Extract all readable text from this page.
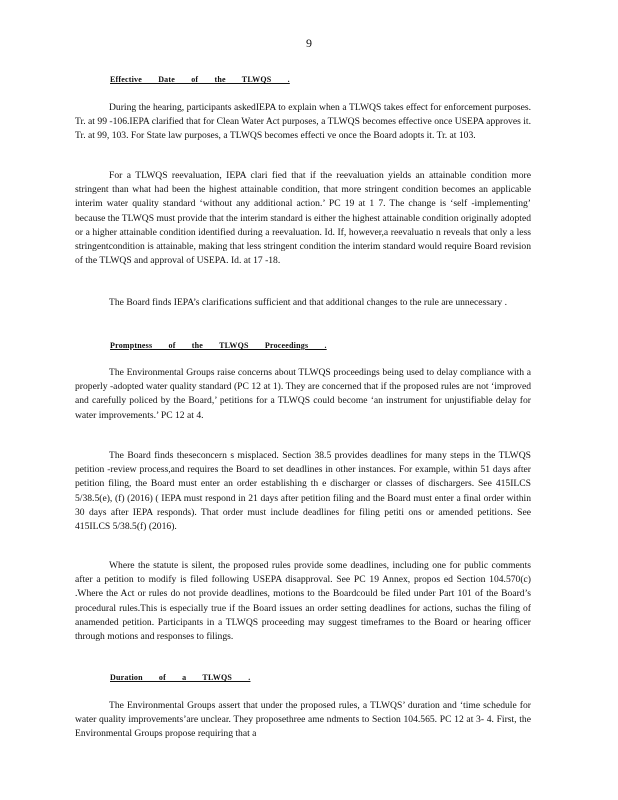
9
Effective Date of the TLWQS .

During the hearing, participants askedIEPA to explain when a TLWQS takes effect for enforcement purposes. Tr. at 99 -106.IEPA clarified that for Clean Water Act purposes, a TLWQS becomes effective once USEPA approves it. Tr. at 99, 103. For State law purposes, a TLWQS becomes effecti ve once the Board adopts it. Tr. at 103.

For a TLWQS reevaluation, IEPA clari fied that if the reevaluation yields an attainable condition more stringent than what had been the highest attainable condition, that more stringent condition becomes an applicable interim water quality standard ‘without any additional action.’ PC 19 at 1 7. The change is ‘self -implementing’ because the TLWQS must provide that the interim standard is either the highest attainable condition originally adopted or a higher attainable condition identified during a reevaluation. Id. If, however,a reevaluatio n reveals that only a less stringentcondition is attainable, making that less stringent condition the interim standard would require Board revision of the TLWQS and approval of USEPA. Id. at 17 -18.

The Board finds IEPA’s clarifications sufficient and that additional changes to the rule are unnecessary .

Promptness of the TLWQS Proceedings .

The Environmental Groups raise concerns about TLWQS proceedings being used to delay compliance with a properly -adopted water quality standard (PC 12 at 1). They are concerned that if the proposed rules are not ‘improved and carefully policed by the Board,’ petitions for a TLWQS could become ‘an instrument for unjustifiable delay for water improvements.’ PC 12 at 4.

The Board finds theseconcern s misplaced. Section 38.5 provides deadlines for many steps in the TLWQS petition -review process,and requires the Board to set deadlines in other instances. For example, within 51 days after petition filing, the Board must enter an order establishing th e discharger or classes of dischargers. See 415ILCS 5/38.5(e), (f) (2016) ( IEPA must respond in 21 days after petition filing and the Board must enter a final order within 30 days after IEPA responds). That order must include deadlines for filing petiti ons or amended petitions. See 415ILCS 5/38.5(f) (2016).

Where the statute is silent, the proposed rules provide some deadlines, including one for public comments after a petition to modify is filed following USEPA disapproval. See PC 19 Annex, propos ed Section 104.570(c) .Where the Act or rules do not provide deadlines, motions to the Boardcould be filed under Part 101 of the Board’s procedural rules.This is especially true if the Board issues an order setting deadlines for actions, suchas the filing of anamended petition. Participants in a TLWQS proceeding may suggest timeframes to the Board or hearing officer through motions and responses to filings.

Duration of a TLWQS .

The Environmental Groups assert that under the proposed rules, a TLWQS’ duration and ‘time schedule for water quality improvements’are unclear. They proposethree ame ndments to Section 104.565. PC 12 at 3- 4. First, the Environmental Groups propose requiring that a
